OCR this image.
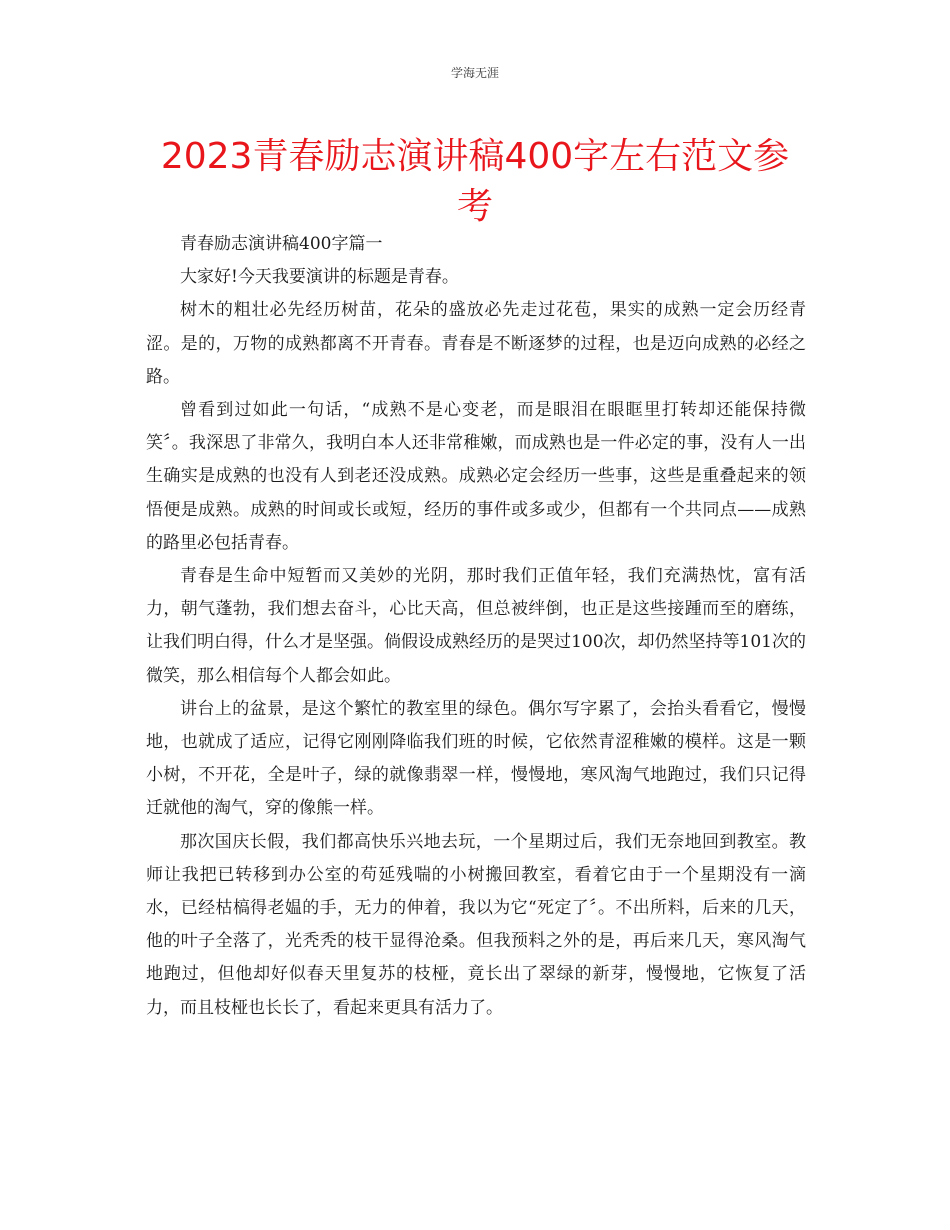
学海无涯
2023青春励志演讲稿400字左右范文参考

青春励志演讲稿400字篇一

大家好!今天我要演讲的标题是青春。

树木的粗壮必先经历树苗，花朵的盛放必先走过花苞，果实的成熟一定会历经青涩。是的，万物的成熟都离不开青春。青春是不断逐梦的过程，也是迈向成熟的必经之路。

曾看到过如此一句话，“成熟不是心变老，而是眼泪在眼眶里打转却还能保持微笑〞。我深思了非常久，我明白本人还非常稚嫩，而成熟也是一件必定的事，没有人一出生确实是成熟的也没有人到老还没成熟。成熟必定会经历一些事，这些是重叠起来的领悟便是成熟。成熟的时间或长或短，经历的事件或多或少，但都有一个共同点——成熟的路里必包括青春。

青春是生命中短暂而又美妙的光阴，那时我们正值年轻，我们充满热忱，富有活力，朝气蓬勃，我们想去奋斗，心比天高，但总被绊倒，也正是这些接踵而至的磨练，让我们明白得，什么才是坚强。倘假设成熟经历的是哭过100次，却仍然坚持等101次的微笑，那么相信每个人都会如此。

讲台上的盆景，是这个繁忙的教室里的绿色。偶尔写字累了，会抬头看看它，慢慢地，也就成了适应，记得它刚刚降临我们班的时候，它依然青涩稚嫩的模样。这是一颗小树，不开花，全是叶子，绿的就像翡翠一样，慢慢地，寒风淘气地跑过，我们只记得迁就他的淘气，穿的像熊一样。

那次国庆长假，我们都高快乐兴地去玩，一个星期过后，我们无奈地回到教室。教师让我把已转移到办公室的苟延残喘的小树搬回教室，看着它由于一个星期没有一滴水，已经枯槁得老媪的手，无力的伸着，我以为它“死定了〞。不出所料，后来的几天，他的叶子全落了，光秃秃的枝干显得沧桑。但我预料之外的是，再后来几天，寒风淘气地跑过，但他却好似春天里复苏的枝桠，竟长出了翠绿的新芽，慢慢地，它恢复了活力，而且枝桠也长长了，看起来更具有活力了。
